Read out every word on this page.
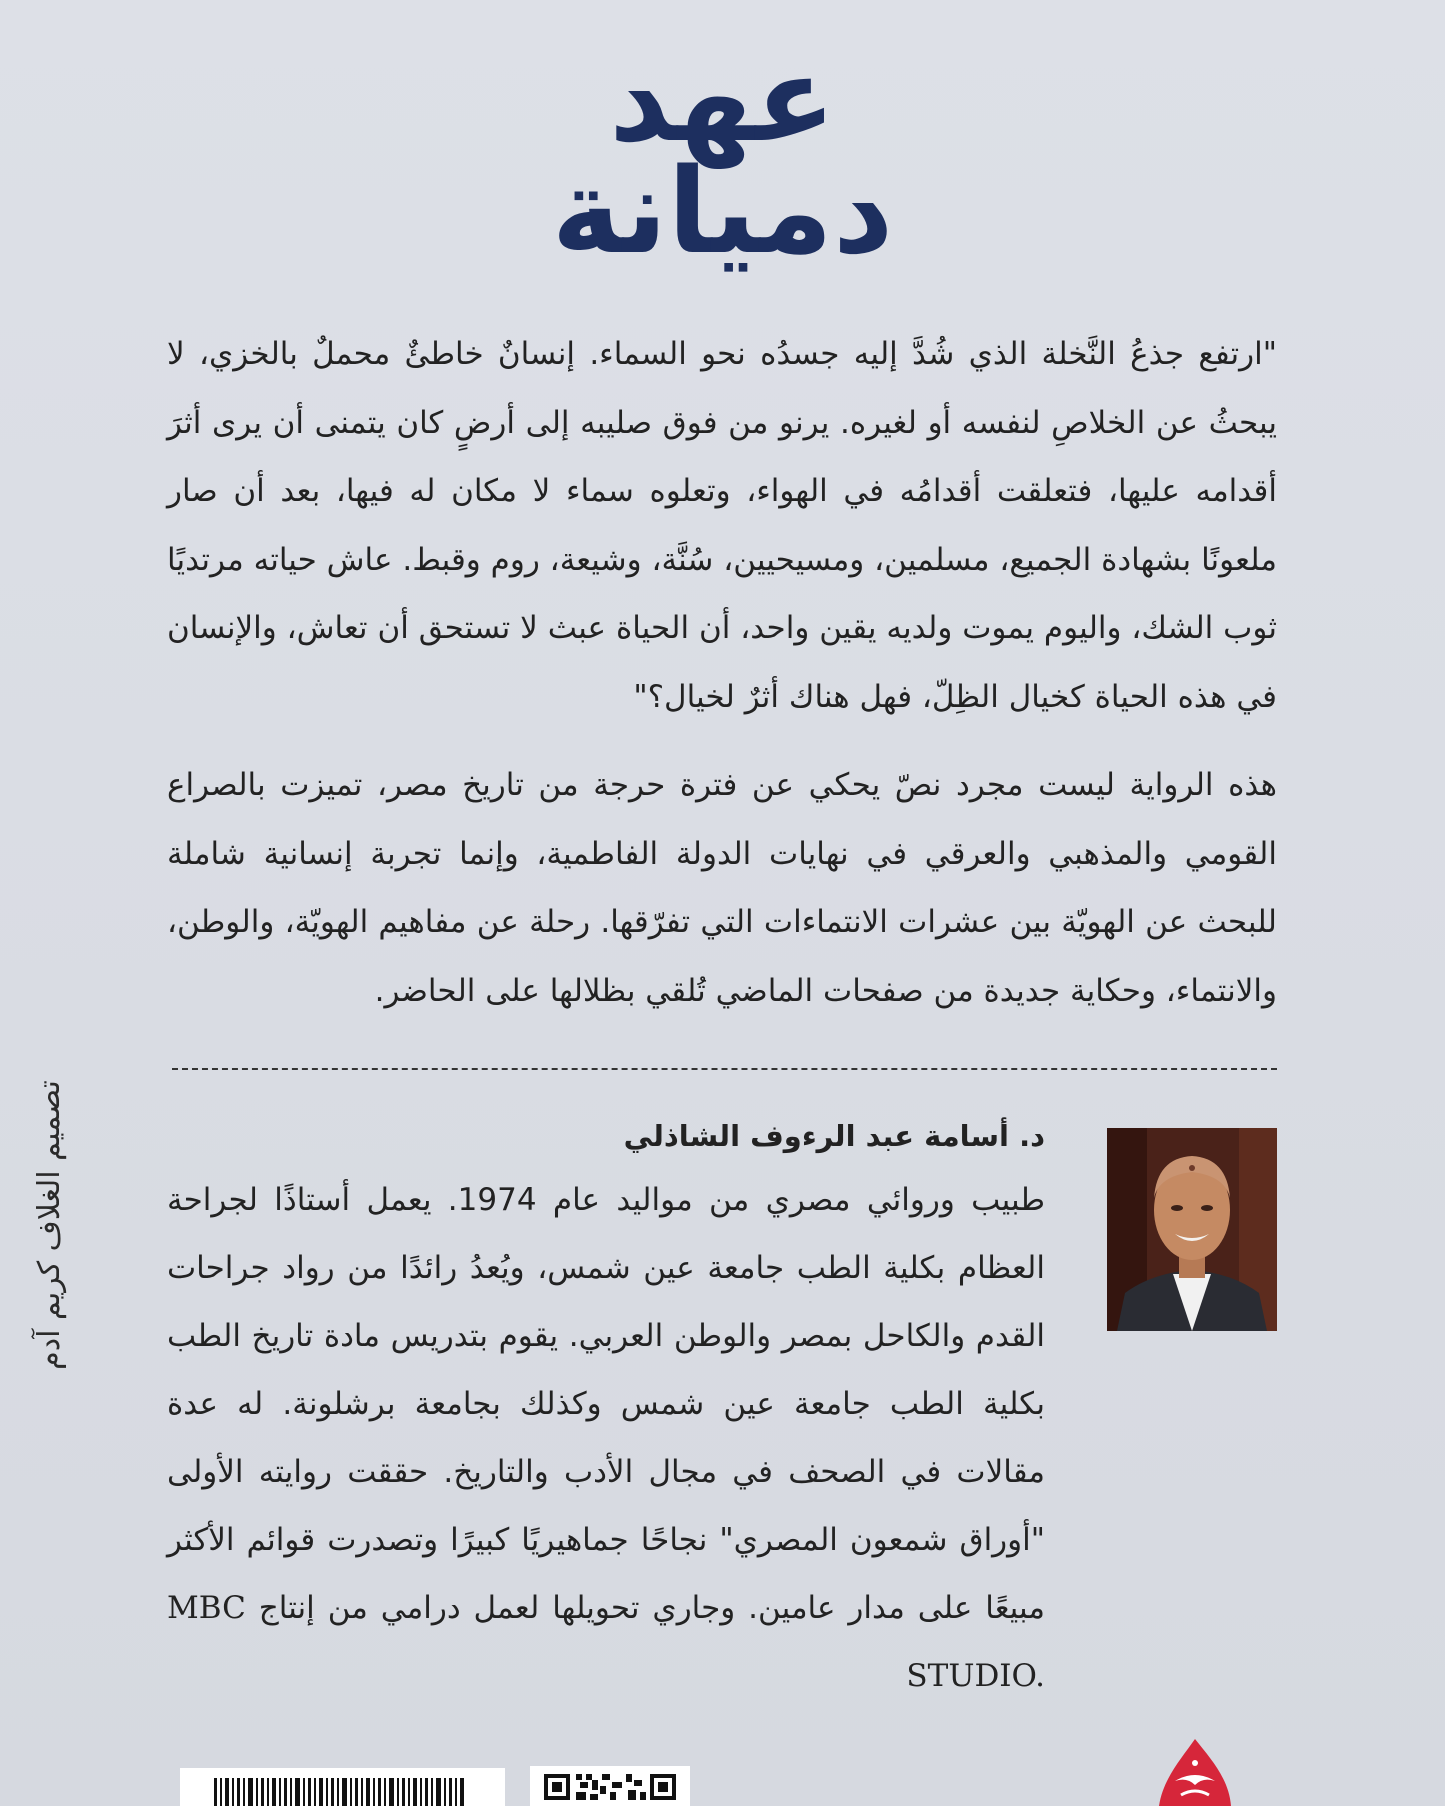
عهد
دميانة

"ارتفع جذعُ النَّخلة الذي شُدَّ إليه جسدُه نحو السماء. إنسانٌ خاطئٌ محملٌ بالخزي، لا يبحثُ عن الخلاصِ لنفسه أو لغيره. يرنو من فوق صليبه إلى أرضٍ كان يتمنى أن يرى أثرَ أقدامه عليها، فتعلقت أقدامُه في الهواء، وتعلوه سماء لا مكان له فيها، بعد أن صار ملعونًا بشهادة الجميع، مسلمين، ومسيحيين، سُنَّة، وشيعة، روم وقبط. عاش حياته مرتديًا ثوب الشك، واليوم يموت ولديه يقين واحد، أن الحياة عبث لا تستحق أن تعاش، والإنسان في هذه الحياة كخيال الظِلّ، فهل هناك أثرٌ لخيال؟"

هذه الرواية ليست مجرد نصّ يحكي عن فترة حرجة من تاريخ مصر، تميزت بالصراع القومي والمذهبي والعرقي في نهايات الدولة الفاطمية، وإنما تجربة إنسانية شاملة للبحث عن الهويّة بين عشرات الانتماءات التي تفرّقها. رحلة عن مفاهيم الهويّة، والوطن، والانتماء، وحكاية جديدة من صفحات الماضي تُلقي بظلالها على الحاضر.

د. أسامة عبد الرءوف الشاذلي

طبيب وروائي مصري من مواليد عام 1974. يعمل أستاذًا لجراحة العظام بكلية الطب جامعة عين شمس، ويُعدُ رائدًا من رواد جراحات القدم والكاحل بمصر والوطن العربي. يقوم بتدريس مادة تاريخ الطب بكلية الطب جامعة عين شمس وكذلك بجامعة برشلونة. له عدة مقالات في الصحف في مجال الأدب والتاريخ. حققت روايته الأولى "أوراق شمعون المصري" نجاحًا جماهيريًا كبيرًا وتصدرت قوائم الأكثر مبيعًا على مدار عامين. وجاري تحويلها لعمل درامي من إنتاج MBC STUDIO.

تصميم الغلاف كريم آدم
